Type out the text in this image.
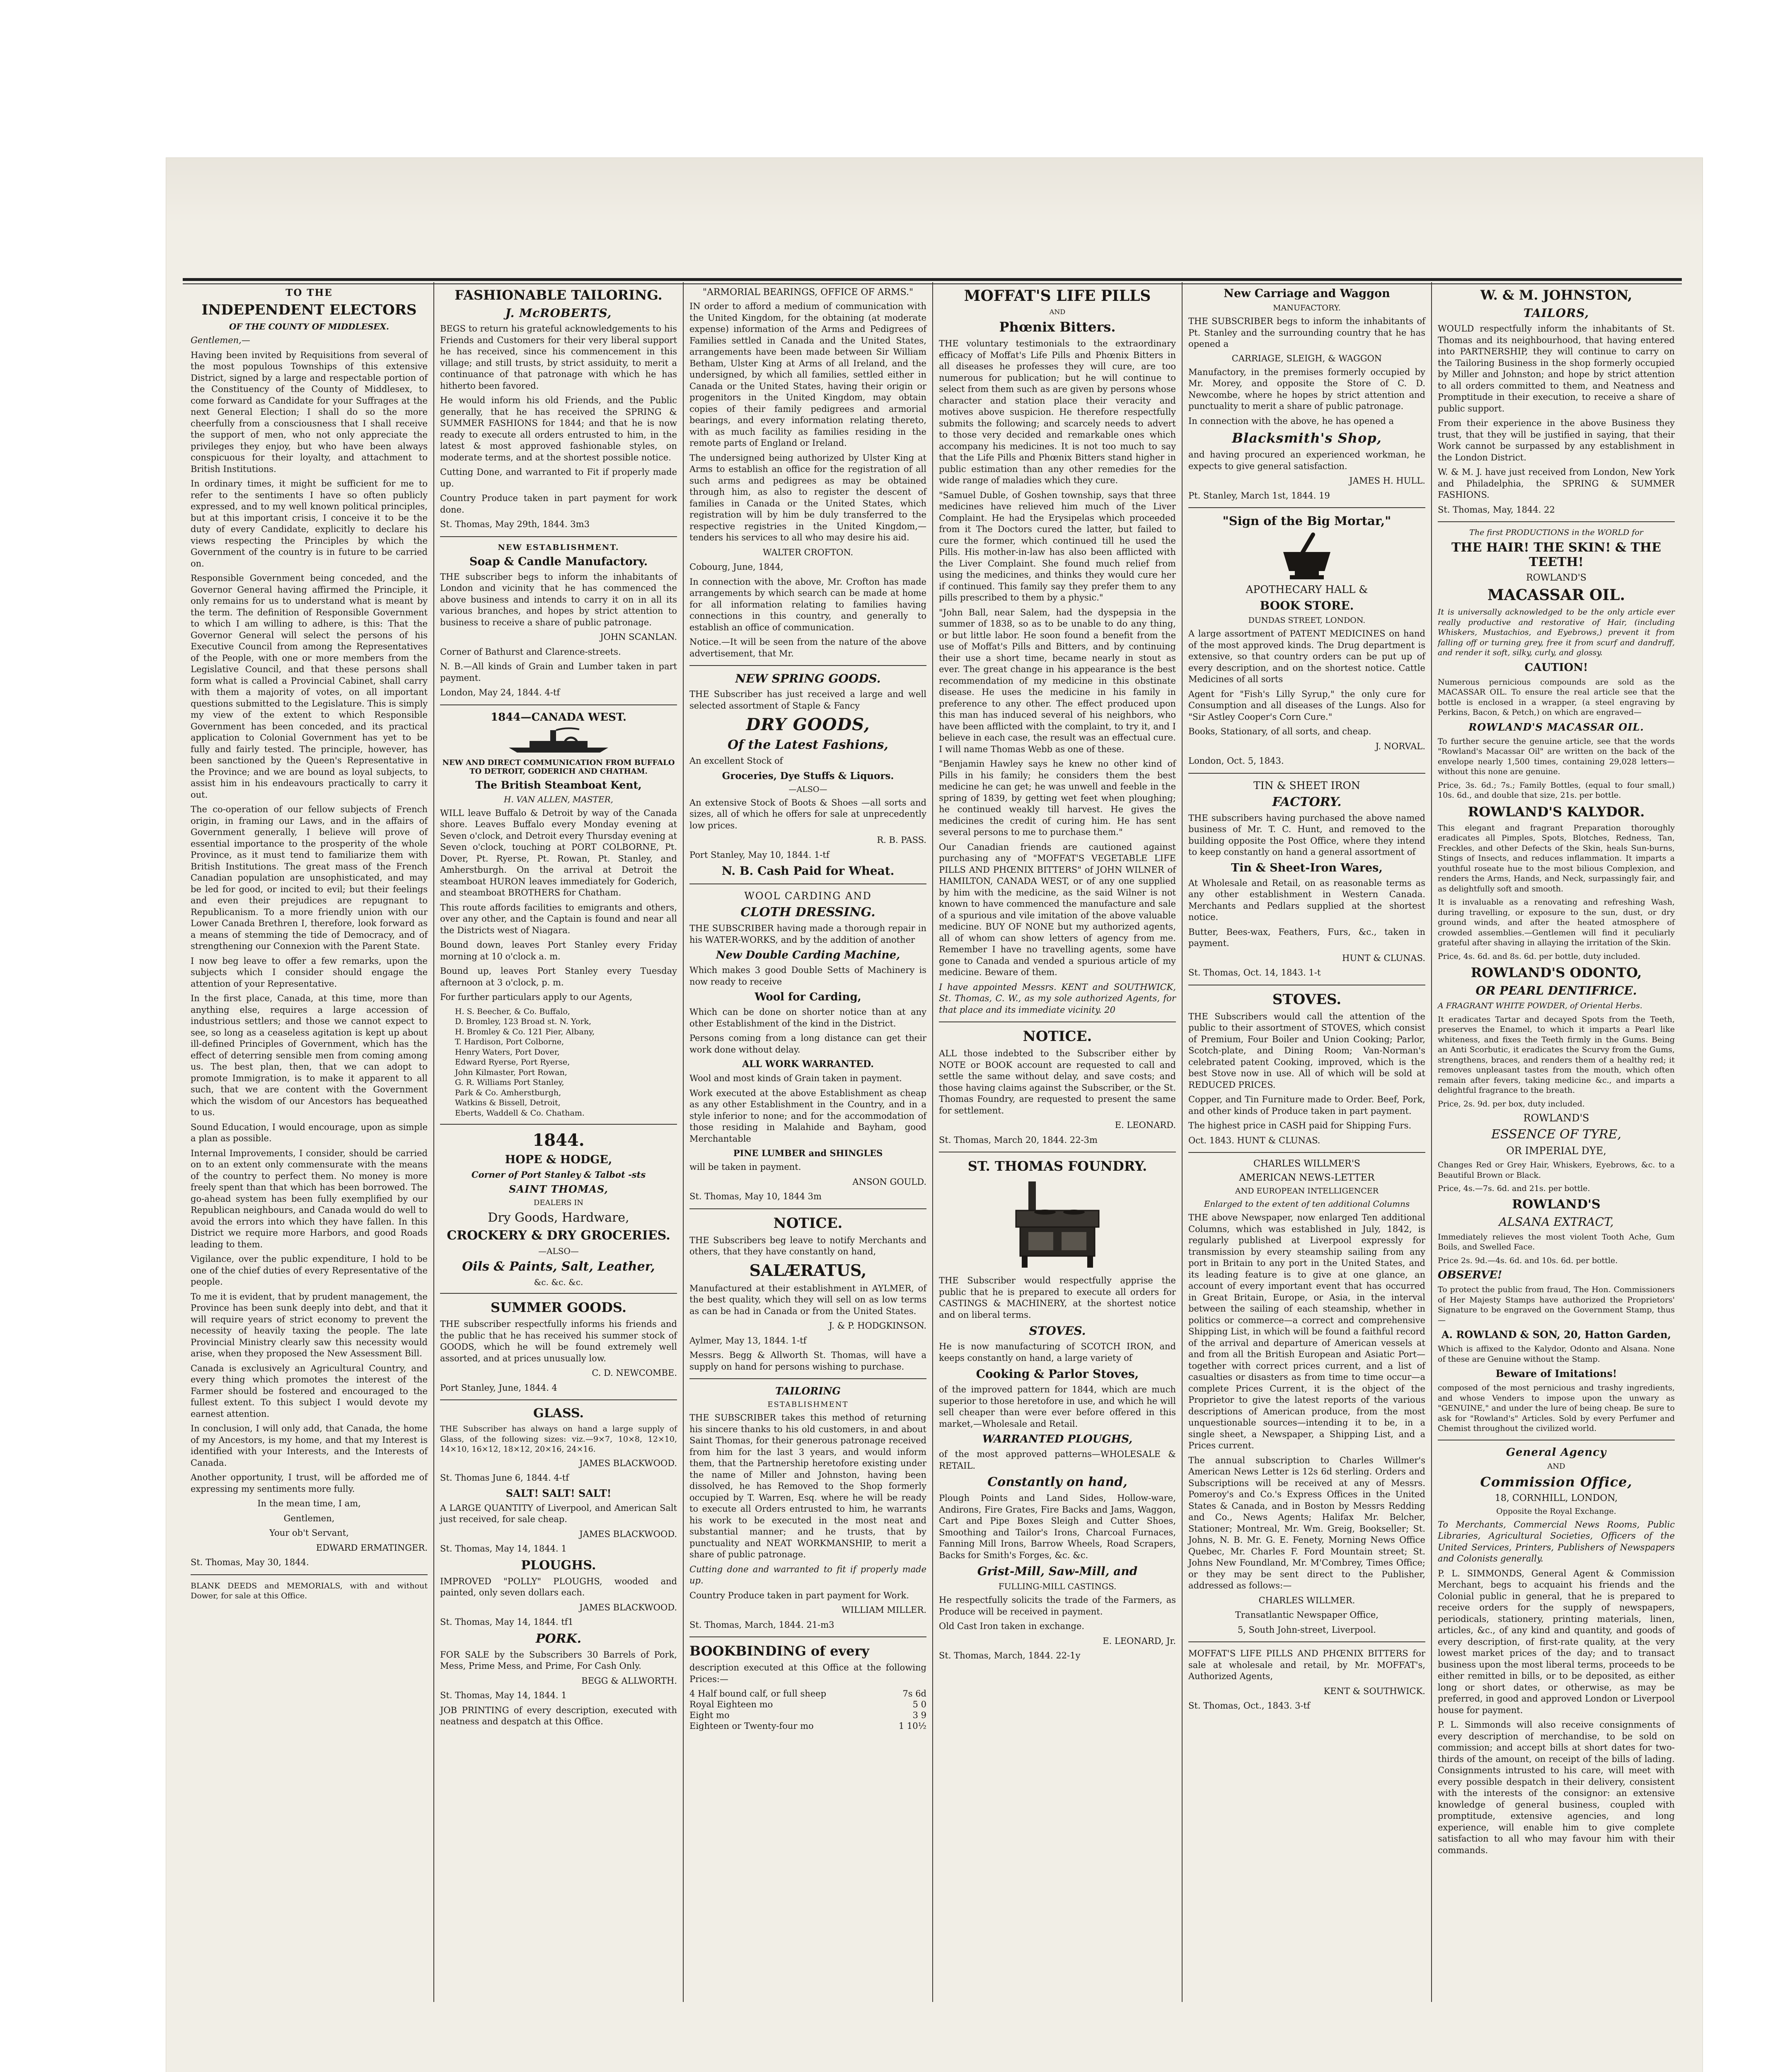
TO THE
INDEPENDENT ELECTORS
OF THE COUNTY OF MIDDLESEX.

Gentlemen,—

Having been invited by Requisitions from several of the most populous Townships of this extensive District, signed by a large and respectable portion of the Constituency of the County of Middlesex, to come forward as Candidate for your Suffrages at the next General Election; I shall do so the more cheerfully from a consciousness that I shall receive the support of men, who not only appreciate the privileges they enjoy, but who have been always conspicuous for their loyalty, and attachment to British Institutions.

In ordinary times, it might be sufficient for me to refer to the sentiments I have so often publicly expressed, and to my well known political principles, but at this important crisis, I conceive it to be the duty of every Candidate, explicitly to declare his views respecting the Principles by which the Government of the country is in future to be carried on.

Responsible Government being conceded, and the Governor General having affirmed the Principle, it only remains for us to understand what is meant by the term. The definition of Responsible Government to which I am willing to adhere, is this: That the Governor General will select the persons of his Executive Council from among the Representatives of the People, with one or more members from the Legislative Council, and that these persons shall form what is called a Provincial Cabinet, shall carry with them a majority of votes, on all important questions submitted to the Legislature. This is simply my view of the extent to which Responsible Government has been conceded, and its practical application to Colonial Government has yet to be fully and fairly tested. The principle, however, has been sanctioned by the Queen's Representative in the Province; and we are bound as loyal subjects, to assist him in his endeavours practically to carry it out.

The co-operation of our fellow subjects of French origin, in framing our Laws, and in the affairs of Government generally, I believe will prove of essential importance to the prosperity of the whole Province, as it must tend to familiarize them with British Institutions. The great mass of the French Canadian population are unsophisticated, and may be led for good, or incited to evil; but their feelings and even their prejudices are repugnant to Republicanism. To a more friendly union with our Lower Canada Brethren I, therefore, look forward as a means of stemming the tide of Democracy, and of strengthening our Connexion with the Parent State.

I now beg leave to offer a few remarks, upon the subjects which I consider should engage the attention of your Representative.

In the first place, Canada, at this time, more than anything else, requires a large accession of industrious settlers; and those we cannot expect to see, so long as a ceaseless agitation is kept up about ill-defined Principles of Government, which has the effect of deterring sensible men from coming among us. The best plan, then, that we can adopt to promote Immigration, is to make it apparent to all such, that we are content with the Government which the wisdom of our Ancestors has bequeathed to us.

Sound Education, I would encourage, upon as simple a plan as possible.

Internal Improvements, I consider, should be carried on to an extent only commensurate with the means of the country to perfect them. No money is more freely spent than that which has been borrowed. The go-ahead system has been fully exemplified by our Republican neighbours, and Canada would do well to avoid the errors into which they have fallen. In this District we require more Harbors, and good Roads leading to them.

Vigilance, over the public expenditure, I hold to be one of the chief duties of every Representative of the people.

To me it is evident, that by prudent management, the Province has been sunk deeply into debt, and that it will require years of strict economy to prevent the necessity of heavily taxing the people. The late Provincial Ministry clearly saw this necessity would arise, when they proposed the New Assessment Bill.

Canada is exclusively an Agricultural Country, and every thing which promotes the interest of the Farmer should be fostered and encouraged to the fullest extent. To this subject I would devote my earnest attention.

In conclusion, I will only add, that Canada, the home of my Ancestors, is my home, and that my Interest is identified with your Interests, and the Interests of Canada.

Another opportunity, I trust, will be afforded me of expressing my sentiments more fully.

In the mean time, I am,

Gentlemen,

Your ob't Servant,

EDWARD ERMATINGER.

St. Thomas, May 30, 1844.

BLANK DEEDS and MEMORIALS, with and without Dower, for sale at this Office.

FASHIONABLE TAILORING.
J. McROBERTS,

BEGS to return his grateful acknowledgements to his Friends and Customers for their very liberal support he has received, since his commencement in this village; and still trusts, by strict assiduity, to merit a continuance of that patronage with which he has hitherto been favored.

He would inform his old Friends, and the Public generally, that he has received the SPRING & SUMMER FASHIONS for 1844; and that he is now ready to execute all orders entrusted to him, in the latest & most approved fashionable styles, on moderate terms, and at the shortest possible notice.

Cutting Done, and warranted to Fit if properly made up.

Country Produce taken in part payment for work done.

St. Thomas, May 29th, 1844. 3m3

NEW ESTABLISHMENT.
Soap & Candle Manufactory.

THE subscriber begs to inform the inhabitants of London and vicinity that he has commenced the above business and intends to carry it on in all its various branches, and hopes by strict attention to business to receive a share of public patronage.

JOHN SCANLAN.

Corner of Bathurst and Clarence-streets.

N. B.—All kinds of Grain and Lumber taken in part payment.

London, May 24, 1844. 4-tf

1844—CANADA WEST.
NEW AND DIRECT COMMUNICATION FROM BUFFALO TO DETROIT, GODERICH AND CHATHAM.
The British Steamboat Kent,
H. VAN ALLEN, MASTER,

WILL leave Buffalo & Detroit by way of the Canada shore. Leaves Buffalo every Monday evening at Seven o'clock, and Detroit every Thursday evening at Seven o'clock, touching at PORT COLBORNE, Pt. Dover, Pt. Ryerse, Pt. Rowan, Pt. Stanley, and Amherstburgh. On the arrival at Detroit the steamboat HURON leaves immediately for Goderich, and steamboat BROTHERS for Chatham.

This route affords facilities to emigrants and others, over any other, and the Captain is found and near all the Districts west of Niagara.

Bound down, leaves Port Stanley every Friday morning at 10 o'clock a. m.

Bound up, leaves Port Stanley every Tuesday afternoon at 3 o'clock, p. m.

For further particulars apply to our Agents,

H. S. Beecher, & Co. Buffalo,
D. Bromley, 123 Broad st. N. York,
H. Bromley & Co. 121 Pier, Albany,
T. Hardison, Port Colborne,
Henry Waters, Port Dover,
Edward Ryerse, Port Ryerse,
John Kilmaster, Port Rowan,
G. R. Williams Port Stanley,
Park & Co. Amherstburgh,
Watkins & Bissell, Detroit,
Eberts, Waddell & Co. Chatham.
1844.
HOPE & HODGE,
Corner of Port Stanley & Talbot -sts
SAINT THOMAS,
DEALERS IN
Dry Goods, Hardware,
CROCKERY & DRY GROCERIES.
—ALSO—
Oils & Paints, Salt, Leather,
&c. &c. &c.
SUMMER GOODS.

THE subscriber respectfully informs his friends and the public that he has received his summer stock of GOODS, which he will be found extremely well assorted, and at prices unusually low.

C. D. NEWCOMBE.

Port Stanley, June, 1844. 4

GLASS.

THE Subscriber has always on hand a large supply of Glass, of the following sizes: viz.—9×7, 10×8, 12×10, 14×10, 16×12, 18×12, 20×16, 24×16.

JAMES BLACKWOOD.

St. Thomas June 6, 1844. 4-tf

SALT! SALT! SALT!

A LARGE QUANTITY of Liverpool, and American Salt just received, for sale cheap.

JAMES BLACKWOOD.

St. Thomas, May 14, 1844. 1

PLOUGHS.

IMPROVED "POLLY" PLOUGHS, wooded and painted, only seven dollars each.

JAMES BLACKWOOD.

St. Thomas, May 14, 1844. tf1

PORK.

FOR SALE by the Subscribers 30 Barrels of Pork, Mess, Prime Mess, and Prime, For Cash Only.

BEGG & ALLWORTH.

St. Thomas, May 14, 1844. 1

JOB PRINTING of every description, executed with neatness and despatch at this Office.

"ARMORIAL BEARINGS, OFFICE OF ARMS."

IN order to afford a medium of communication with the United Kingdom, for the obtaining (at moderate expense) information of the Arms and Pedigrees of Families settled in Canada and the United States, arrangements have been made between Sir William Betham, Ulster King at Arms of all Ireland, and the undersigned, by which all families, settled either in Canada or the United States, having their origin or progenitors in the United Kingdom, may obtain copies of their family pedigrees and armorial bearings, and every information relating thereto, with as much facility as families residing in the remote parts of England or Ireland.

The undersigned being authorized by Ulster King at Arms to establish an office for the registration of all such arms and pedigrees as may be obtained through him, as also to register the descent of families in Canada or the United States, which registration will by him be duly transferred to the respective registries in the United Kingdom,—tenders his services to all who may desire his aid.

WALTER CROFTON.

Cobourg, June, 1844,

In connection with the above, Mr. Crofton has made arrangements by which search can be made at home for all information relating to families having connections in this country, and generally to establish an office of communication.

Notice.—It will be seen from the nature of the above advertisement, that Mr.

NEW SPRING GOODS.

THE Subscriber has just received a large and well selected assortment of Staple & Fancy

DRY GOODS,
Of the Latest Fashions,

An excellent Stock of

Groceries, Dye Stuffs & Liquors.
—ALSO—

An extensive Stock of Boots & Shoes —all sorts and sizes, all of which he offers for sale at unprecedently low prices.

R. B. PASS.

Port Stanley, May 10, 1844. 1-tf

N. B. Cash Paid for Wheat.
WOOL CARDING AND
CLOTH DRESSING.

THE SUBSCRIBER having made a thorough repair in his WATER-WORKS, and by the addition of another

New Double Carding Machine,

Which makes 3 good Double Setts of Machinery is now ready to receive

Wool for Carding,

Which can be done on shorter notice than at any other Establishment of the kind in the District.

Persons coming from a long distance can get their work done without delay.

ALL WORK WARRANTED.

Wool and most kinds of Grain taken in payment.

Work executed at the above Establishment as cheap as any other Establishment in the Country, and in a style inferior to none; and for the accommodation of those residing in Malahide and Bayham, good Merchantable

PINE LUMBER and SHINGLES

will be taken in payment.

ANSON GOULD.

St. Thomas, May 10, 1844 3m

NOTICE.

THE Subscribers beg leave to notify Merchants and others, that they have constantly on hand,

SALÆRATUS,

Manufactured at their establishment in AYLMER, of the best quality, which they will sell on as low terms as can be had in Canada or from the United States.

J. & P. HODGKINSON.

Aylmer, May 13, 1844. 1-tf

Messrs. Begg & Allworth St. Thomas, will have a supply on hand for persons wishing to purchase.

TAILORING
ESTABLISHMENT

THE SUBSCRIBER takes this method of returning his sincere thanks to his old customers, in and about Saint Thomas, for their generous patronage received from him for the last 3 years, and would inform them, that the Partnership heretofore existing under the name of Miller and Johnston, having been dissolved, he has Removed to the Shop formerly occupied by T. Warren, Esq. where he will be ready to execute all Orders entrusted to him, he warrants his work to be executed in the most neat and substantial manner; and he trusts, that by punctuality and NEAT WORKMANSHIP, to merit a share of public patronage.

Cutting done and warranted to fit if properly made up.

Country Produce taken in part payment for Work.

WILLIAM MILLER.

St. Thomas, March, 1844. 21-m3

BOOKBINDING of every

description executed at this Office at the following Prices:—

4 Half bound calf, or full sheep	7s 6d
Royal Eighteen mo	5 0
Eight mo	3 9
Eighteen or Twenty-four mo	1 10½
MOFFAT'S LIFE PILLS
AND
Phœnix Bitters.

THE voluntary testimonials to the extraordinary efficacy of Moffat's Life Pills and Phœnix Bitters in all diseases he professes they will cure, are too numerous for publication; but he will continue to select from them such as are given by persons whose character and station place their veracity and motives above suspicion. He therefore respectfully submits the following; and scarcely needs to advert to those very decided and remarkable ones which accompany his medicines. It is not too much to say that the Life Pills and Phœnix Bitters stand higher in public estimation than any other remedies for the wide range of maladies which they cure.

"Samuel Duble, of Goshen township, says that three medicines have relieved him much of the Liver Complaint. He had the Erysipelas which proceeded from it The Doctors cured the latter, but failed to cure the former, which continued till he used the Pills. His mother-in-law has also been afflicted with the Liver Complaint. She found much relief from using the medicines, and thinks they would cure her if continued. This family say they prefer them to any pills prescribed to them by a physic."

"John Ball, near Salem, had the dyspepsia in the summer of 1838, so as to be unable to do any thing, or but little labor. He soon found a benefit from the use of Moffat's Pills and Bitters, and by continuing their use a short time, became nearly in stout as ever. The great change in his appearance is the best recommendation of my medicine in this obstinate disease. He uses the medicine in his family in preference to any other. The effect produced upon this man has induced several of his neighbors, who have been afflicted with the complaint, to try it, and I believe in each case, the result was an effectual cure. I will name Thomas Webb as one of these.

"Benjamin Hawley says he knew no other kind of Pills in his family; he considers them the best medicine he can get; he was unwell and feeble in the spring of 1839, by getting wet feet when ploughing; he continued weakly till harvest. He gives the medicines the credit of curing him. He has sent several persons to me to purchase them."

Our Canadian friends are cautioned against purchasing any of "MOFFAT'S VEGETABLE LIFE PILLS AND PHŒNIX BITTERS" of JOHN WILNER of HAMILTON, CANADA WEST, or of any one supplied by him with the medicine, as the said Wilner is not known to have commenced the manufacture and sale of a spurious and vile imitation of the above valuable medicine. BUY OF NONE but my authorized agents, all of whom can show letters of agency from me. Remember I have no travelling agents, some have gone to Canada and vended a spurious article of my medicine. Beware of them.

I have appointed Messrs. KENT and SOUTHWICK, St. Thomas, C. W., as my sole authorized Agents, for that place and its immediate vicinity. 20

NOTICE.

ALL those indebted to the Subscriber either by NOTE or BOOK account are requested to call and settle the same without delay, and save costs; and those having claims against the Subscriber, or the St. Thomas Foundry, are requested to present the same for settlement.

E. LEONARD.

St. Thomas, March 20, 1844. 22-3m

ST. THOMAS FOUNDRY.

THE Subscriber would respectfully apprise the public that he is prepared to execute all orders for CASTINGS & MACHINERY, at the shortest notice and on liberal terms.

STOVES.

He is now manufacturing of SCOTCH IRON, and keeps constantly on hand, a large variety of

Cooking & Parlor Stoves,

of the improved pattern for 1844, which are much superior to those heretofore in use, and which he will sell cheaper than were ever before offered in this market,—Wholesale and Retail.

WARRANTED PLOUGHS,

of the most approved patterns—WHOLESALE & RETAIL.

Constantly on hand,

Plough Points and Land Sides, Hollow-ware, Andirons, Fire Grates, Fire Backs and Jams, Waggon, Cart and Pipe Boxes Sleigh and Cutter Shoes, Smoothing and Tailor's Irons, Charcoal Furnaces, Fanning Mill Irons, Barrow Wheels, Road Scrapers, Backs for Smith's Forges, &c. &c.

Grist-Mill, Saw-Mill, and
FULLING-MILL CASTINGS.

He respectfully solicits the trade of the Farmers, as Produce will be received in payment.

Old Cast Iron taken in exchange.

E. LEONARD, Jr.

St. Thomas, March, 1844. 22-1y

New Carriage and Waggon
MANUFACTORY.

THE SUBSCRIBER begs to inform the inhabitants of Pt. Stanley and the surrounding country that he has opened a

CARRIAGE, SLEIGH, & WAGGON

Manufactory, in the premises formerly occupied by Mr. Morey, and opposite the Store of C. D. Newcombe, where he hopes by strict attention and punctuality to merit a share of public patronage.

In connection with the above, he has opened a

Blacksmith's Shop,

and having procured an experienced workman, he expects to give general satisfaction.

JAMES H. HULL.

Pt. Stanley, March 1st, 1844. 19

"Sign of the Big Mortar,"
APOTHECARY HALL &
BOOK STORE.
DUNDAS STREET, LONDON.

A large assortment of PATENT MEDICINES on hand of the most approved kinds. The Drug department is extensive, so that country orders can be put up of every description, and on the shortest notice. Cattle Medicines of all sorts

Agent for "Fish's Lilly Syrup," the only cure for Consumption and all diseases of the Lungs. Also for "Sir Astley Cooper's Corn Cure."

Books, Stationary, of all sorts, and cheap.

J. NORVAL.

London, Oct. 5, 1843.

TIN & SHEET IRON
FACTORY.

THE subscribers having purchased the above named business of Mr. T. C. Hunt, and removed to the building opposite the Post Office, where they intend to keep constantly on hand a general assortment of

Tin & Sheet-Iron Wares,

At Wholesale and Retail, on as reasonable terms as any other establishment in Western Canada. Merchants and Pedlars supplied at the shortest notice.

Butter, Bees-wax, Feathers, Furs, &c., taken in payment.

HUNT & CLUNAS.

St. Thomas, Oct. 14, 1843. 1-t

STOVES.

THE Subscribers would call the attention of the public to their assortment of STOVES, which consist of Premium, Four Boiler and Union Cooking; Parlor, Scotch-plate, and Dining Room; Van-Norman's celebrated patent Cooking, improved, which is the best Stove now in use. All of which will be sold at REDUCED PRICES.

Copper, and Tin Furniture made to Order. Beef, Pork, and other kinds of Produce taken in part payment.

The highest price in CASH paid for Shipping Furs.

Oct. 1843. HUNT & CLUNAS.

CHARLES WILLMER'S
AMERICAN NEWS-LETTER
AND EUROPEAN INTELLIGENCER
Enlarged to the extent of ten additional Columns

THE above Newspaper, now enlarged Ten additional Columns, which was established in July, 1842, is regularly published at Liverpool expressly for transmission by every steamship sailing from any port in Britain to any port in the United States, and its leading feature is to give at one glance, an account of every important event that has occurred in Great Britain, Europe, or Asia, in the interval between the sailing of each steamship, whether in politics or commerce—a correct and comprehensive Shipping List, in which will be found a faithful record of the arrival and departure of American vessels at and from all the British European and Asiatic Port—together with correct prices current, and a list of casualties or disasters as from time to time occur—a complete Prices Current, it is the object of the Proprietor to give the latest reports of the various descriptions of American produce, from the most unquestionable sources—intending it to be, in a single sheet, a Newspaper, a Shipping List, and a Prices current.

The annual subscription to Charles Willmer's American News Letter is 12s 6d sterling. Orders and Subscriptions will be received at any of Messrs. Pomeroy's and Co.'s Express Offices in the United States & Canada, and in Boston by Messrs Redding and Co., News Agents; Halifax Mr. Belcher, Stationer; Montreal, Mr. Wm. Greig, Bookseller; St. Johns, N. B. Mr. G. E. Fenety, Morning News Office Quebec, Mr. Charles F. Ford Mountain street; St. Johns New Foundland, Mr. M'Combrey, Times Office; or they may be sent direct to the Publisher, addressed as follows:—

CHARLES WILLMER.

Transatlantic Newspaper Office,

5, South John-street, Liverpool.

MOFFAT'S LIFE PILLS AND PHŒNIX BITTERS for sale at wholesale and retail, by Mr. MOFFAT's, Authorized Agents,

KENT & SOUTHWICK.

St. Thomas, Oct., 1843. 3-tf

W. & M. JOHNSTON,
TAILORS,

WOULD respectfully inform the inhabitants of St. Thomas and its neighbourhood, that having entered into PARTNERSHIP, they will continue to carry on the Tailoring Business in the shop formerly occupied by Miller and Johnston; and hope by strict attention to all orders committed to them, and Neatness and Promptitude in their execution, to receive a share of public support.

From their experience in the above Business they trust, that they will be justified in saying, that their Work cannot be surpassed by any establishment in the London District.

W. & M. J. have just received from London, New York and Philadelphia, the SPRING & SUMMER FASHIONS.

St. Thomas, May, 1844. 22

The first PRODUCTIONS in the WORLD for
THE HAIR! THE SKIN! & THE TEETH!
ROWLAND'S
MACASSAR OIL.

It is universally acknowledged to be the only article ever really productive and restorative of Hair, (including Whiskers, Mustachios, and Eyebrows,) prevent it from falling off or turning grey, free it from scurf and dandruff, and render it soft, silky, curly, and glossy.

CAUTION!

Numerous pernicious compounds are sold as the MACASSAR OIL. To ensure the real article see that the bottle is enclosed in a wrapper, (a steel engraving by Perkins, Bacon, & Petch,) on which are engraved—

ROWLAND'S MACASSAR OIL.

To further secure the genuine article, see that the words "Rowland's Macassar Oil" are written on the back of the envelope nearly 1,500 times, containing 29,028 letters—without this none are genuine.

Price, 3s. 6d.; 7s.; Family Bottles, (equal to four small,) 10s. 6d., and double that size, 21s. per bottle.

ROWLAND'S KALYDOR.

This elegant and fragrant Preparation thoroughly eradicates all Pimples, Spots, Blotches, Redness, Tan, Freckles, and other Defects of the Skin, heals Sun-burns, Stings of Insects, and reduces inflammation. It imparts a youthful roseate hue to the most bilious Complexion, and renders the Arms, Hands, and Neck, surpassingly fair, and as delightfully soft and smooth.

It is invaluable as a renovating and refreshing Wash, during travelling, or exposure to the sun, dust, or dry ground winds, and after the heated atmosphere of crowded assemblies.—Gentlemen will find it peculiarly grateful after shaving in allaying the irritation of the Skin.

Price, 4s. 6d. and 8s. 6d. per bottle, duty included.

ROWLAND'S ODONTO,
OR PEARL DENTIFRICE.

A FRAGRANT WHITE POWDER, of Oriental Herbs.

It eradicates Tartar and decayed Spots from the Teeth, preserves the Enamel, to which it imparts a Pearl like whiteness, and fixes the Teeth firmly in the Gums. Being an Anti Scorbutic, it eradicates the Scurvy from the Gums, strengthens, braces, and renders them of a healthy red; it removes unpleasant tastes from the mouth, which often remain after fevers, taking medicine &c., and imparts a delightful fragrance to the breath.

Price, 2s. 9d. per box, duty included.

ROWLAND'S
ESSENCE OF TYRE,
OR IMPERIAL DYE,

Changes Red or Grey Hair, Whiskers, Eyebrows, &c. to a Beautiful Brown or Black.

Price, 4s.—7s. 6d. and 21s. per bottle.

ROWLAND'S
ALSANA EXTRACT,

Immediately relieves the most violent Tooth Ache, Gum Boils, and Swelled Face.

Price 2s. 9d.—4s. 6d. and 10s. 6d. per bottle.

OBSERVE!

To protect the public from fraud, The Hon. Commissioners of Her Majesty Stamps have authorized the Proprietors' Signature to be engraved on the Government Stamp, thus—

A. ROWLAND & SON, 20, Hatton Garden,

Which is affixed to the Kalydor, Odonto and Alsana. None of these are Genuine without the Stamp.

Beware of Imitations!

composed of the most pernicious and trashy ingredients, and whose Venders to impose upon the unwary as "GENUINE," and under the lure of being cheap. Be sure to ask for "Rowland's" Articles. Sold by every Perfumer and Chemist throughout the civilized world.

General Agency
AND
Commission Office,
18, CORNHILL, LONDON,
Opposite the Royal Exchange.

To Merchants, Commercial News Rooms, Public Libraries, Agricultural Societies, Officers of the United Services, Printers, Publishers of Newspapers and Colonists generally.

P. L. SIMMONDS, General Agent & Commission Merchant, begs to acquaint his friends and the Colonial public in general, that he is prepared to receive orders for the supply of newspapers, periodicals, stationery, printing materials, linen, articles, &c., of any kind and quantity, and goods of every description, of first-rate quality, at the very lowest market prices of the day; and to transact business upon the most liberal terms, proceeds to be either remitted in bills, or to be deposited, as either long or short dates, or otherwise, as may be preferred, in good and approved London or Liverpool house for payment.

P. L. Simmonds will also receive consignments of every description of merchandise, to be sold on commission; and accept bills at short dates for two-thirds of the amount, on receipt of the bills of lading. Consignments intrusted to his care, will meet with every possible despatch in their delivery, consistent with the interests of the consignor: an extensive knowledge of general business, coupled with promptitude, extensive agencies, and long experience, will enable him to give complete satisfaction to all who may favour him with their commands.
